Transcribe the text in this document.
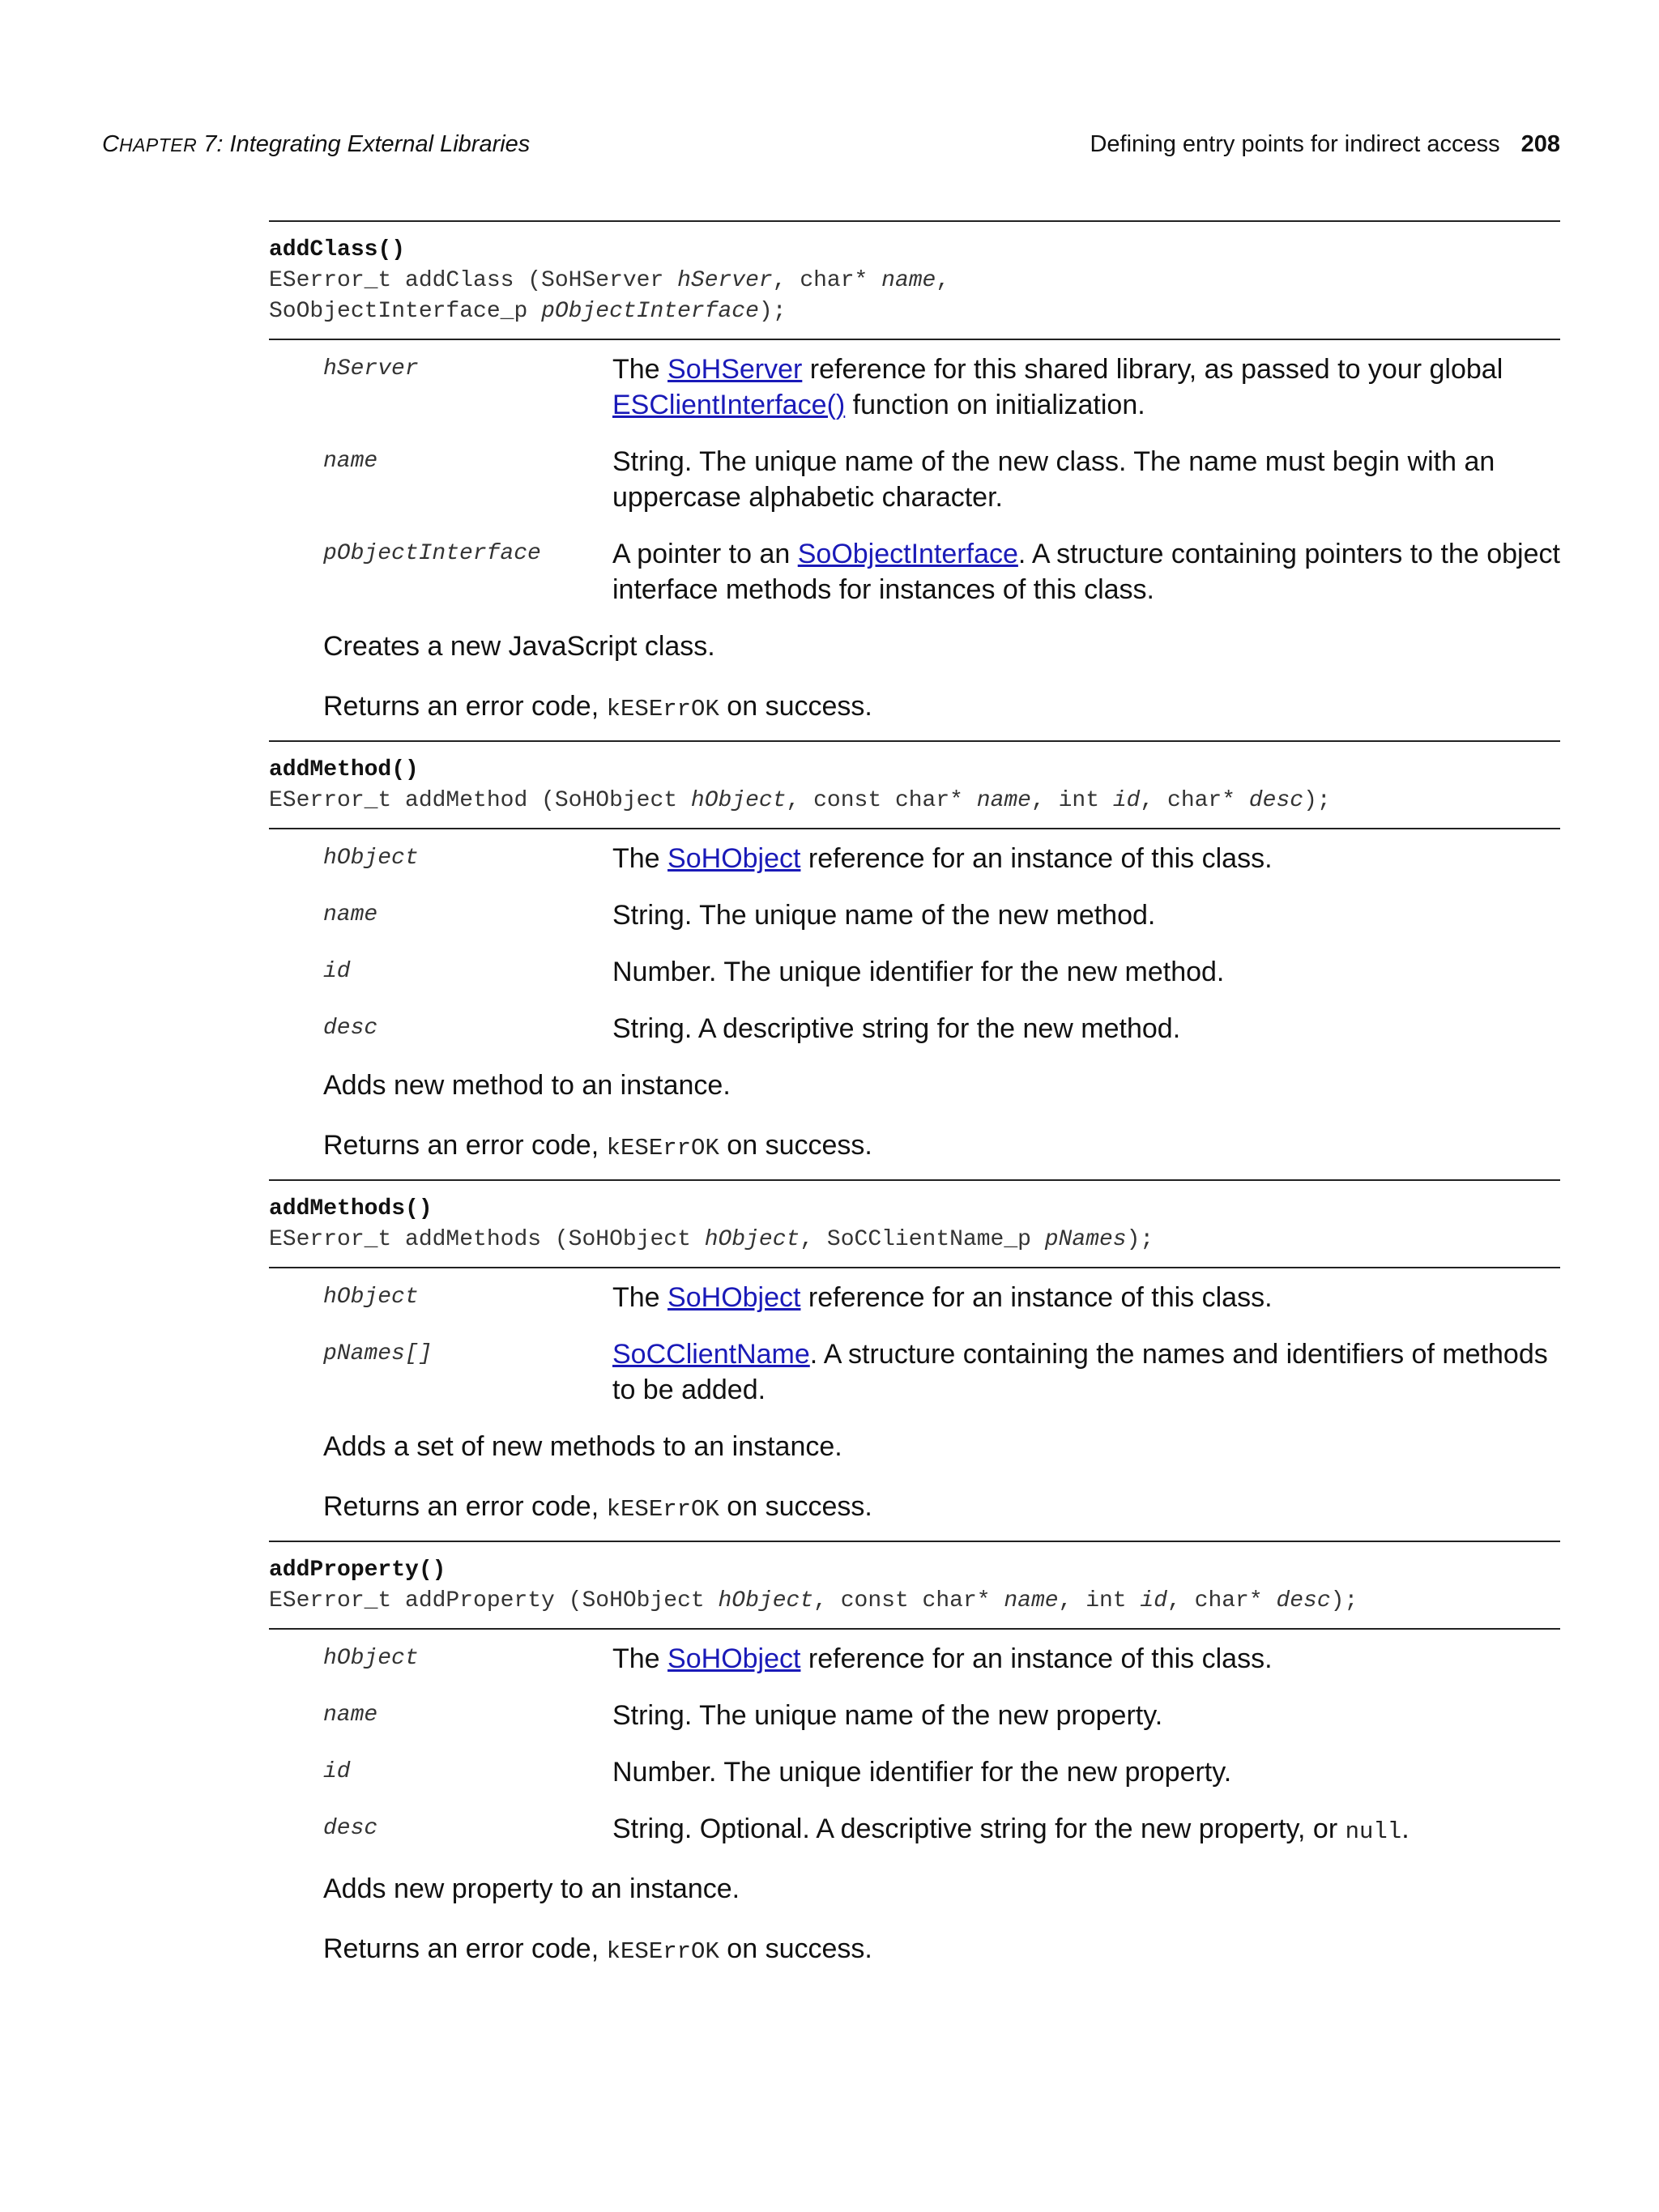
CHAPTER 7: Integrating External Libraries	Defining entry points for indirect access 208
addClass()
ESerror_t addClass (SoHServer hServer, char* name,
SoObjectInterface_p pObjectInterface);
hServer	The SoHServer reference for this shared library, as passed to your global ESClientInterface() function on initialization.
name	String. The unique name of the new class. The name must begin with an uppercase alphabetic character.
pObjectInterface	A pointer to an SoObjectInterface. A structure containing pointers to the object interface methods for instances of this class.
Creates a new JavaScript class.
Returns an error code, kESErrOK on success.
addMethod()
ESerror_t addMethod (SoHObject hObject, const char* name, int id, char* desc);
hObject	The SoHObject reference for an instance of this class.
name	String. The unique name of the new method.
id	Number. The unique identifier for the new method.
desc	String. A descriptive string for the new method.
Adds new method to an instance.
Returns an error code, kESErrOK on success.
addMethods()
ESerror_t addMethods (SoHObject hObject, SoCClientName_p pNames);
hObject	The SoHObject reference for an instance of this class.
pNames[]	SoCClientName. A structure containing the names and identifiers of methods to be added.
Adds a set of new methods to an instance.
Returns an error code, kESErrOK on success.
addProperty()
ESerror_t addProperty (SoHObject hObject, const char* name, int id, char* desc);
hObject	The SoHObject reference for an instance of this class.
name	String. The unique name of the new property.
id	Number. The unique identifier for the new property.
desc	String. Optional. A descriptive string for the new property, or null.
Adds new property to an instance.
Returns an error code, kESErrOK on success.
